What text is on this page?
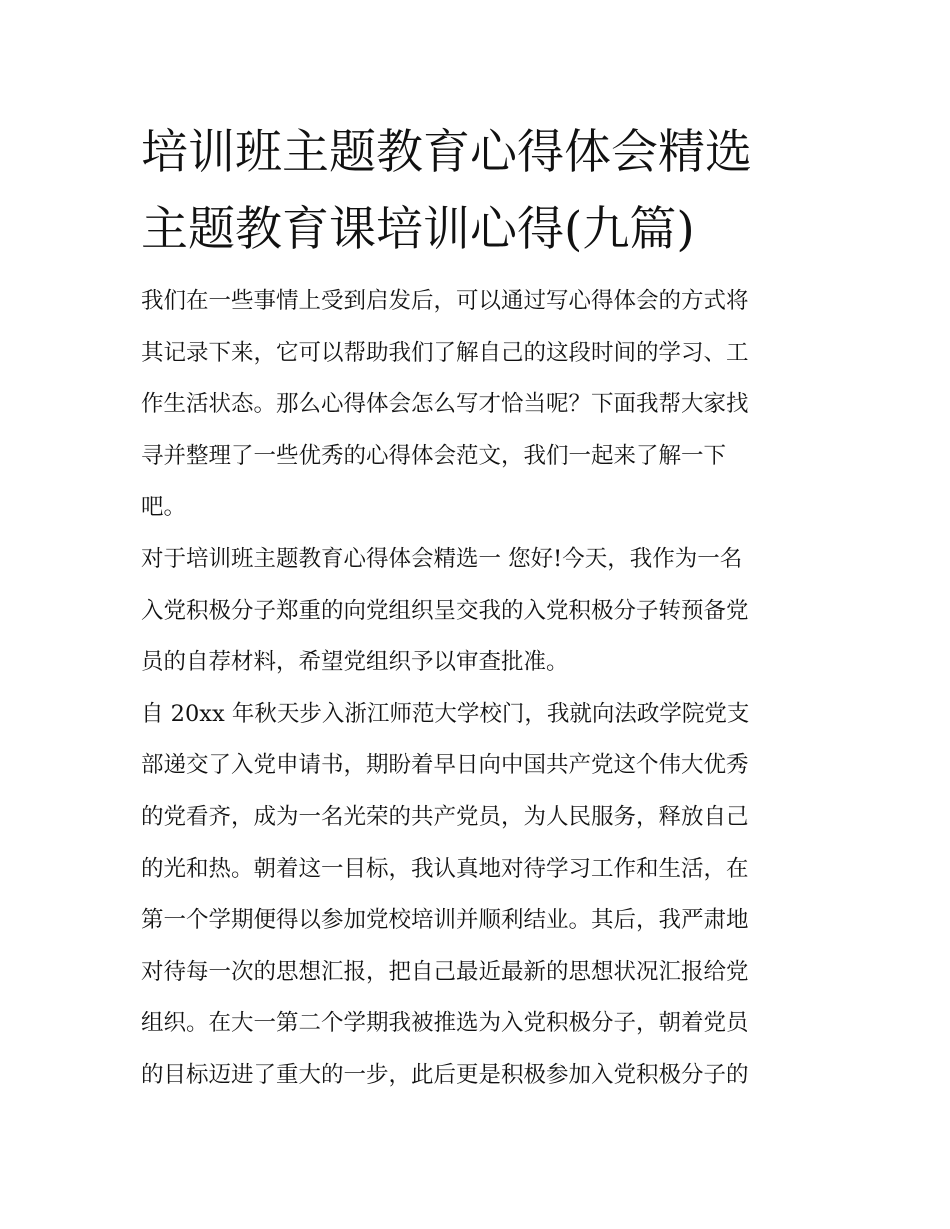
培训班主题教育心得体会精选
主题教育课培训心得(九篇)
我们在一些事情上受到启发后，可以通过写心得体会的方式将
其记录下来，它可以帮助我们了解自己的这段时间的学习、工
作生活状态。那么心得体会怎么写才恰当呢？下面我帮大家找
寻并整理了一些优秀的心得体会范文，我们一起来了解一下
吧。
对于培训班主题教育心得体会精选一 您好!今天，我作为一名
入党积极分子郑重的向党组织呈交我的入党积极分子转预备党
员的自荐材料，希望党组织予以审查批准。
自 20xx 年秋天步入浙江师范大学校门，我就向法政学院党支
部递交了入党申请书，期盼着早日向中国共产党这个伟大优秀
的党看齐，成为一名光荣的共产党员，为人民服务，释放自己
的光和热。朝着这一目标，我认真地对待学习工作和生活，在
第一个学期便得以参加党校培训并顺利结业。其后，我严肃地
对待每一次的思想汇报，把自己最近最新的思想状况汇报给党
组织。在大一第二个学期我被推选为入党积极分子，朝着党员
的目标迈进了重大的一步，此后更是积极参加入党积极分子的
